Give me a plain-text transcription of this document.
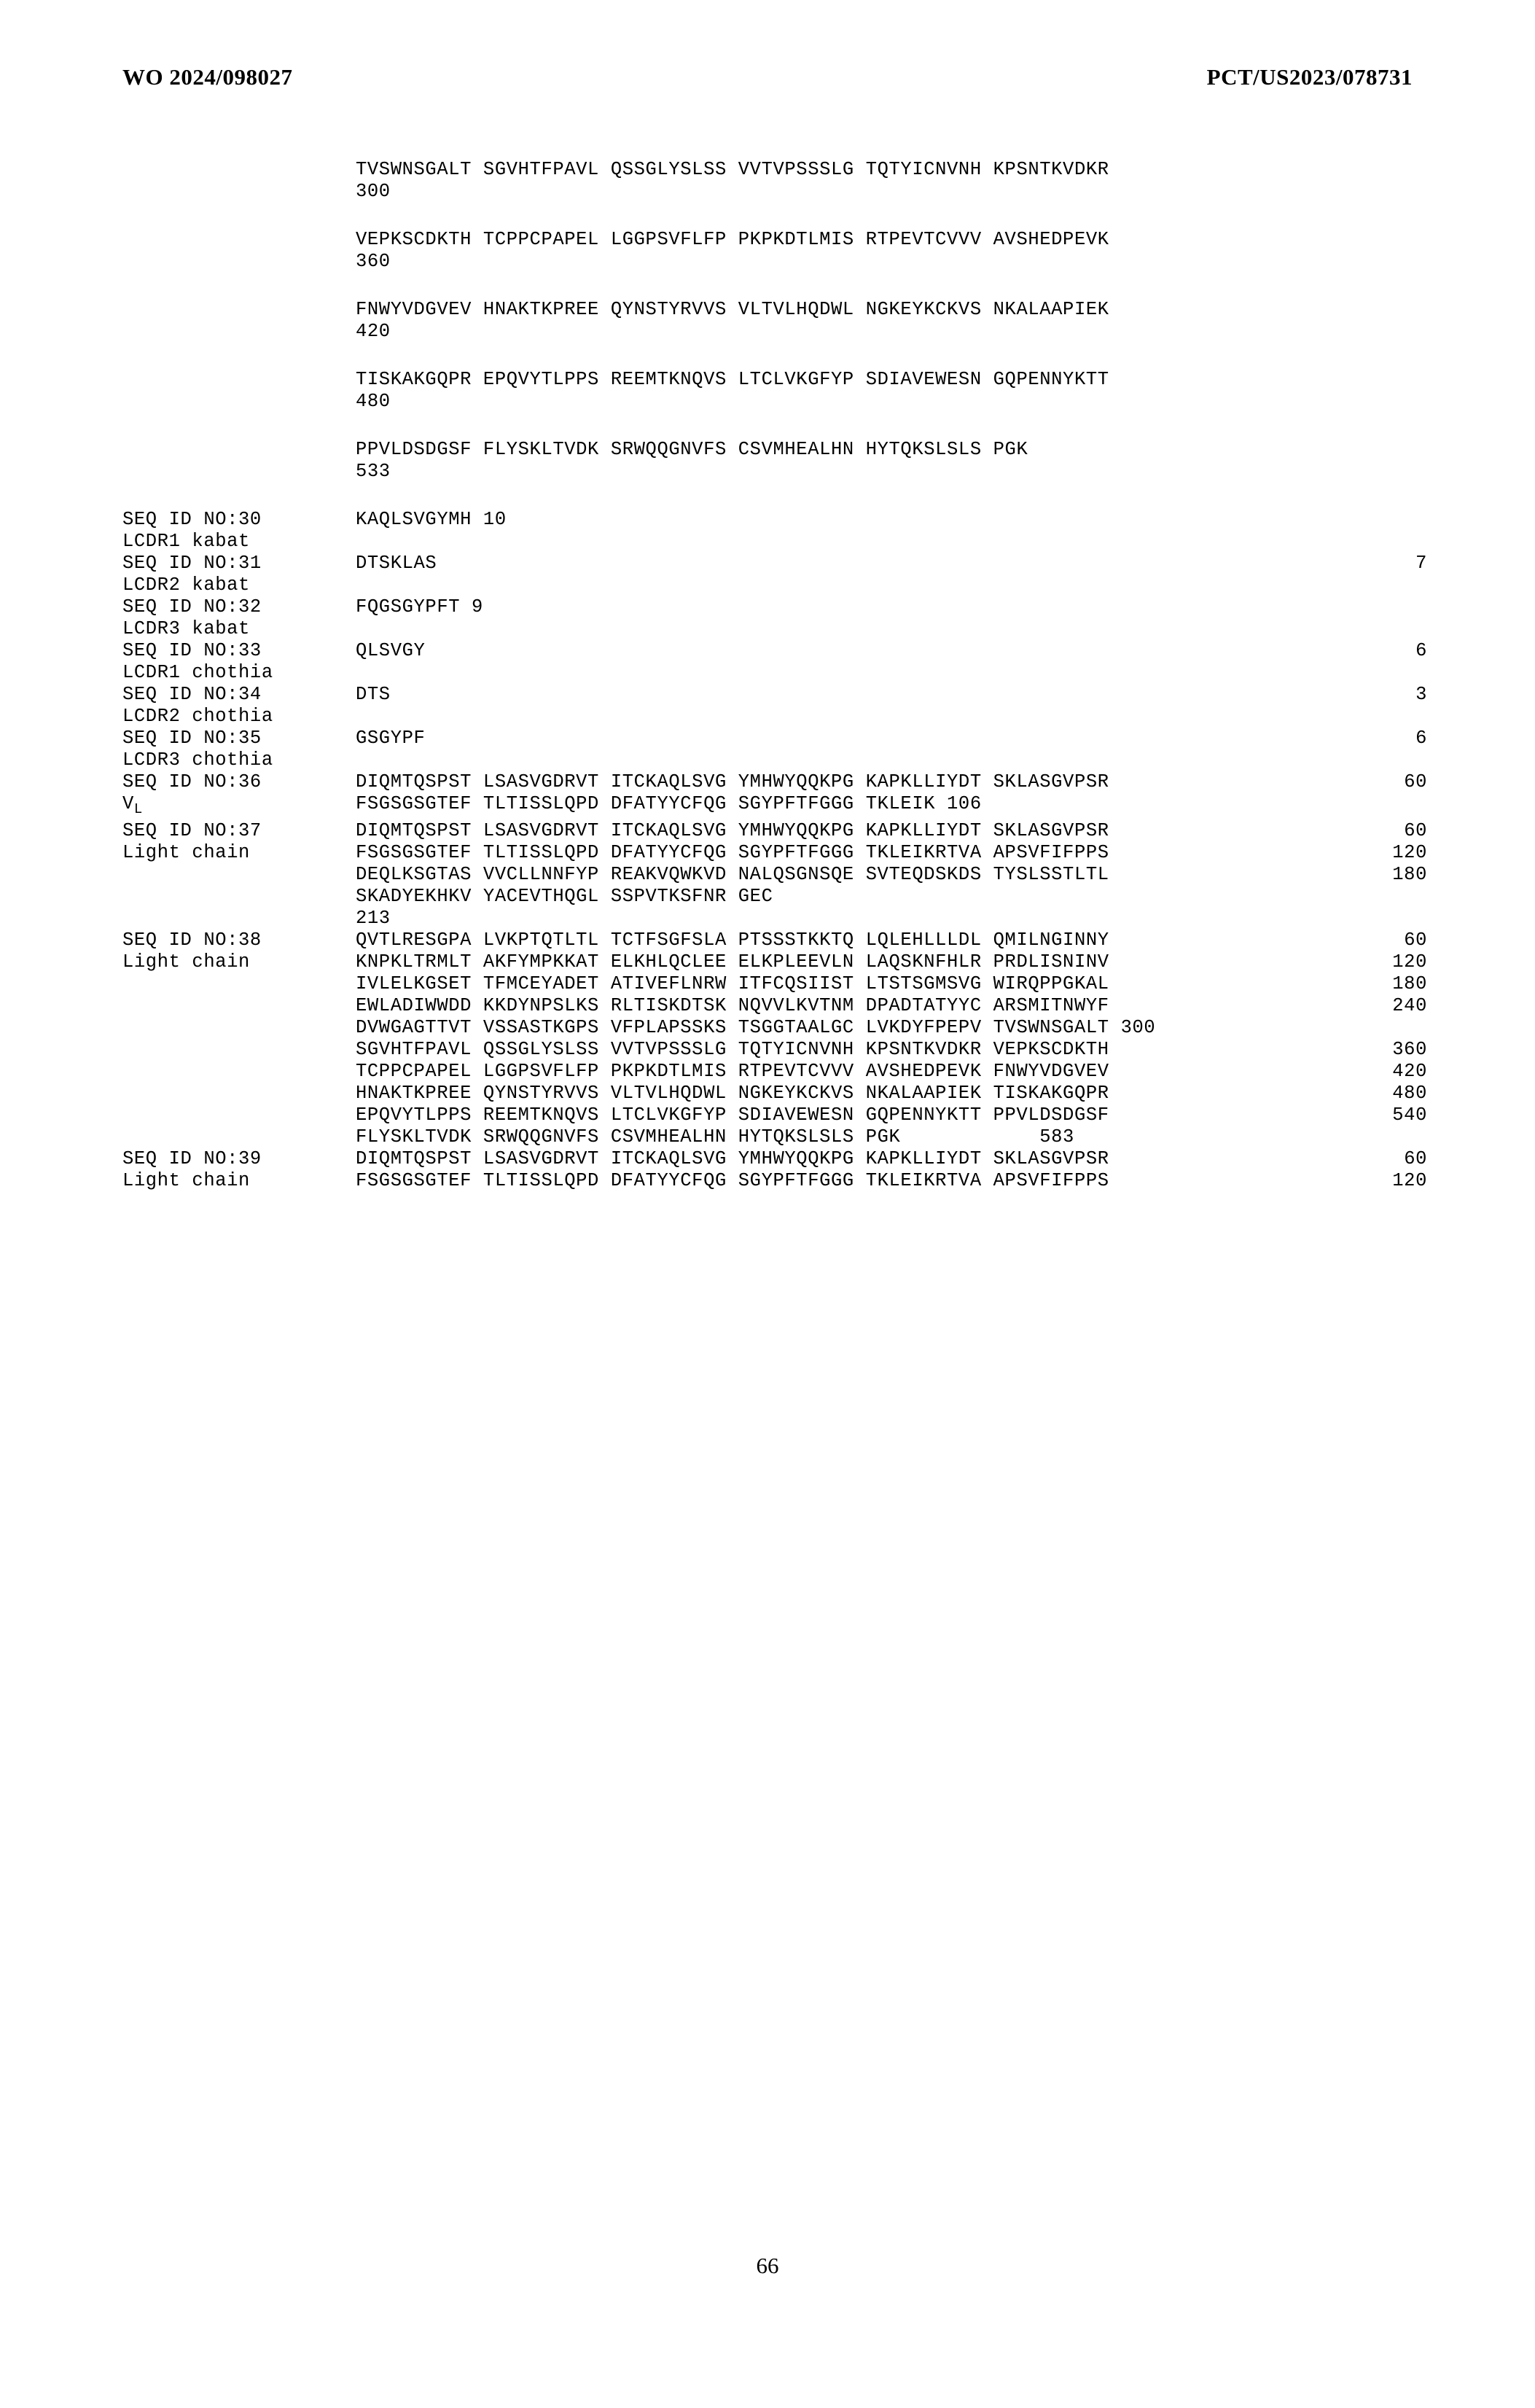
WO 2024/098027	PCT/US2023/078731
TVSWNSGALT SGVHTFPAVL QSSGLYSLSS VVTVPSSSLG TQTYICNVNH KPSNTKVDKR
300
VEPKSCDKTH TCPPCPAPEL LGGPSVFLFP PKPKDTLMIS RTPEVTCVVV AVSHEDPEVK
360
FNWYVDGVEV HNAKTKPREE QYNSTYRVVS VLTVLHQDWL NGKEYKCKVS NKALAAPIEK
420
TISKAKGQPR EPQVYTLPPS REEMTKNQVS LTCLVKGFYP SDIAVEWESN GQPENNYKTT
480
PPVLDSDGSF FLYSKLTVDK SRWQQGNVFS CSVMHEALHN HYTQKSLSLS PGK
533
SEQ ID NO:30	KAQLSVGYMH 10
LCDR1 kabat
SEQ ID NO:31	DTSKLAS	7
LCDR2 kabat
SEQ ID NO:32	FQGSGYPFT 9
LCDR3 kabat
SEQ ID NO:33	QLSVGY	6
LCDR1 chothia
SEQ ID NO:34	DTS	3
LCDR2 chothia
SEQ ID NO:35	GSGYPF	6
LCDR3 chothia
SEQ ID NO:36	DIQMTQSPST LSASVGDRVT ITCKAQLSVG YMHWYQQKPG KAPKLLIYDT SKLASGVPSR	60
$V_L$	FSGSGSGTEF TLTISSLQPD DFATYYCFQG SGYPFTFGGG TKLEIK 106
SEQ ID NO:37	DIQMTQSPST LSASVGDRVT ITCKAQLSVG YMHWYQQKPG KAPKLLIYDT SKLASGVPSR	60
Light chain	FSGSGSGTEF TLTISSLQPD DFATYYCFQG SGYPFTFGGG TKLEIKRTVA APSVFIFPPS	120
DEQLKSGTAS VVCLLNNFYP REAKVQWKVD NALQSGNSQE SVTEQDSKDS TYSLSSTLTL	180
SKADYEKHKV YACEVTHQGL SSPVTKSFNR GEC
213
SEQ ID NO:38	QVTLRESGPA LVKPTQTLTL TCTFSGFSLA PTSSSTKKTQ LQLEHLLLDL QMILNGINNY	60
Light chain	KNPKLTRMLT AKFYMPKKAT ELKHLQCLEE ELKPLEEVLN LAQSKNFHLR PRDLISNINV	120
IVLELKGSET TFMCEYADET ATIVEFLNRW ITFCQSIIST LTSTSGMSVG WIRQPPGKAL	180
EWLADIWWDD KKDYNPSLKS RLTISKDTSK NQVVLKVTNM DPADTATYYC ARSMITNWYF	240
DVWGAGTTVT VSSASTKGPS VFPLAPSSKS TSGGTAALGC LVKDYFPEPV TVSWNSGALT 300
SGVHTFPAVL QSSGLYSLSS VVTVPSSSLG TQTYICNVNH KPSNTKVDKR VEPKSCDKTH	360
TCPPCPAPEL LGGPSVFLFP PKPKDTLMIS RTPEVTCVVV AVSHEDPEVK FNWYVDGVEV	420
HNAKTKPREE QYNSTYRVVS VLTVLHQDWL NGKEYKCKVS NKALAAPIEK TISKAKGQPR	480
EPQVYTLPPS REEMTKNQVS LTCLVKGFYP SDIAVEWESN GQPENNYKTT PPVLDSDGSF	540
FLYSKLTVDK SRWQQGNVFS CSVMHEALHN HYTQKSLSLS PGK            583
SEQ ID NO:39	DIQMTQSPST LSASVGDRVT ITCKAQLSVG YMHWYQQKPG KAPKLLIYDT SKLASGVPSR	60
Light chain	FSGSGSGTEF TLTISSLQPD DFATYYCFQG SGYPFTFGGG TKLEIKRTVA APSVFIFPPS	120
66
